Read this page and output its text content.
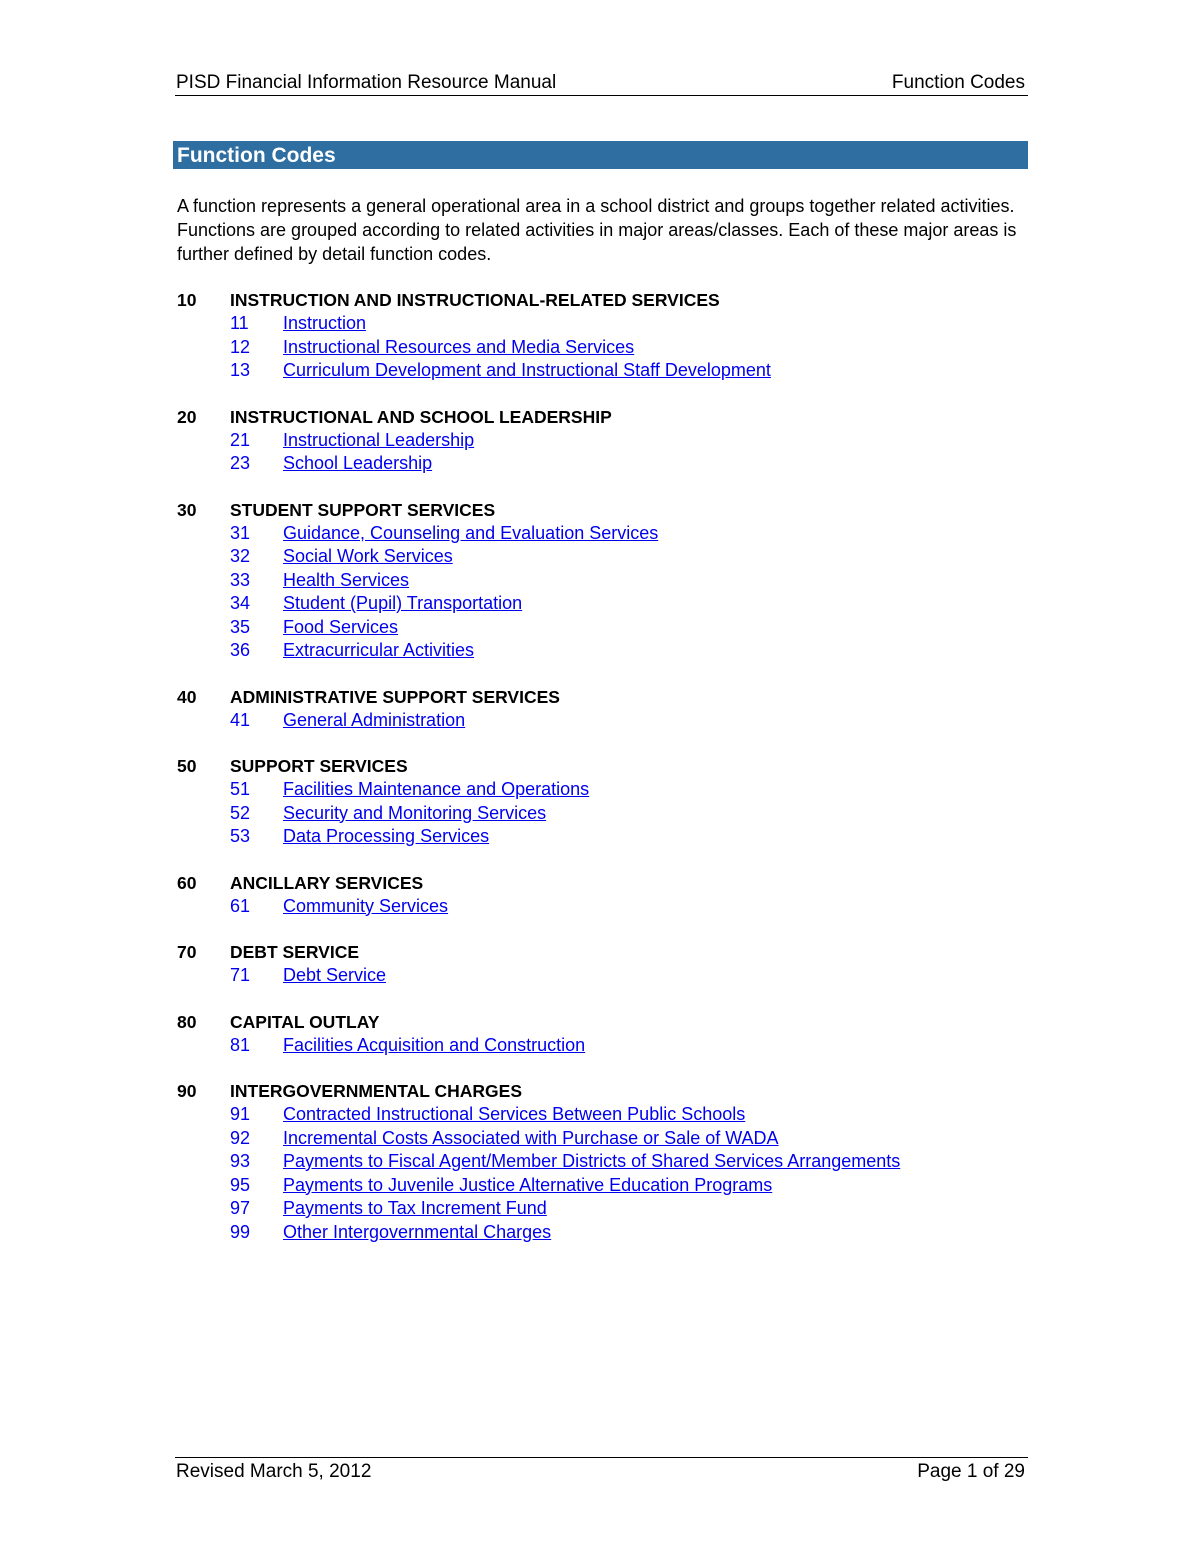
PISD Financial Information Resource Manual	Function Codes
Function Codes
A function represents a general operational area in a school district and groups together related activities. Functions are grouped according to related activities in major areas/classes. Each of these major areas is further defined by detail function codes.
10 INSTRUCTION AND INSTRUCTIONAL-RELATED SERVICES
11 Instruction
12 Instructional Resources and Media Services
13 Curriculum Development and Instructional Staff Development
20 INSTRUCTIONAL AND SCHOOL LEADERSHIP
21 Instructional Leadership
23 School Leadership
30 STUDENT SUPPORT SERVICES
31 Guidance, Counseling and Evaluation Services
32 Social Work Services
33 Health Services
34 Student (Pupil) Transportation
35 Food Services
36 Extracurricular Activities
40 ADMINISTRATIVE SUPPORT SERVICES
41 General Administration
50 SUPPORT SERVICES
51 Facilities Maintenance and Operations
52 Security and Monitoring Services
53 Data Processing Services
60 ANCILLARY SERVICES
61 Community Services
70 DEBT SERVICE
71 Debt Service
80 CAPITAL OUTLAY
81 Facilities Acquisition and Construction
90 INTERGOVERNMENTAL CHARGES
91 Contracted Instructional Services Between Public Schools
92 Incremental Costs Associated with Purchase or Sale of WADA
93 Payments to Fiscal Agent/Member Districts of Shared Services Arrangements
95 Payments to Juvenile Justice Alternative Education Programs
97 Payments to Tax Increment Fund
99 Other Intergovernmental Charges
Revised March 5, 2012	Page 1 of 29
